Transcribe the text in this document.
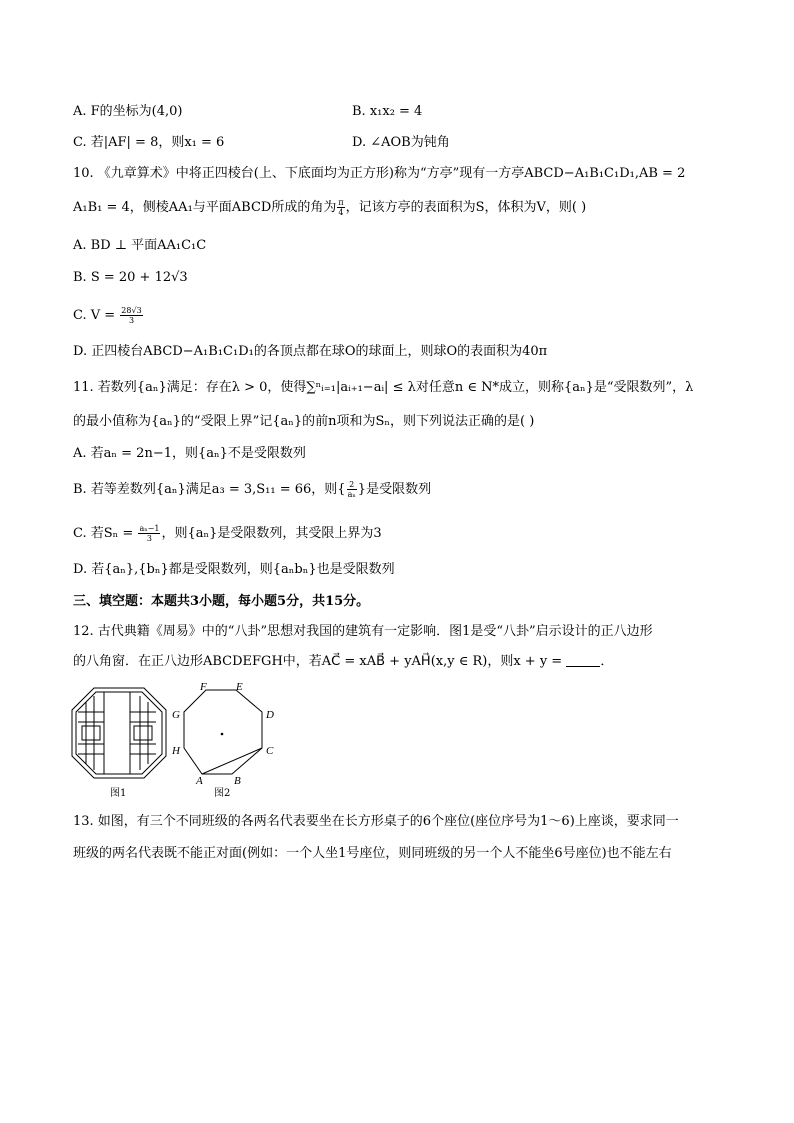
A. F的坐标为(4,0)	B. x₁x₂ = 4
C. 若|AF| = 8，则x₁ = 6	D. ∠AOB为钝角
10. 《九章算术》中将正四棱台(上、下底面均为正方形)称为“方亭”现有一方亭ABCD−A₁B₁C₁D₁,AB = 2
A₁B₁ = 4，侧棱AA₁与平面ABCD所成的角为 $\frac{\pi}{4}$ ，记该方亭的表面积为S，体积为V，则( )
A. BD ⊥ 平面AA₁C₁C
B. S = 20 + 12√3
C. $V = \frac{28√3}{3}$
D. 正四棱台ABCD−A₁B₁C₁D₁的各顶点都在球O的球面上，则球O的表面积为40π
11. 若数列{aₙ}满足：存在λ > 0，使得∑ⁿᵢ₌₁|aᵢ₊₁−aᵢ| ≤ λ对任意n ∈ N*成立，则称{aₙ}是“受限数列”，λ
的最小值称为{aₙ}的“受限上界”记{aₙ}的前n项和为Sₙ，则下列说法正确的是( )
A. 若aₙ = 2n−1，则{aₙ}不是受限数列
B. 若等差数列{aₙ}满足a₃ = 3,S₁₁ = 66，则{ $\frac{2}{\text{aₙ}}$ }是受限数列
C. 若$S_n = \frac{\text{aₙ−1}}{3}$ ，则{aₙ}是受限数列，其受限上界为3
D. 若{aₙ},{bₙ}都是受限数列，则{aₙbₙ}也是受限数列
三、填空题：本题共3小题，每小题5分，共15分。
12. 古代典籍《周易》中的“八卦”思想对我国的建筑有一定影响．图1是受“八卦”启示设计的正八边形
的八角窗．在正八边形ABCDEFGH中，若AC⃗ = xAB⃗ + yAH⃗(x,y ∈ R)，则x + y =	．
图1
A	B
C
D
E
F
G
H
图2
13. 如图，有三个不同班级的各两名代表要坐在长方形桌子的6个座位(座位序号为1～6)上座谈，要求同一
班级的两名代表既不能正对面(例如：一个人坐1号座位，则同班级的另一个人不能坐6号座位)也不能左右
